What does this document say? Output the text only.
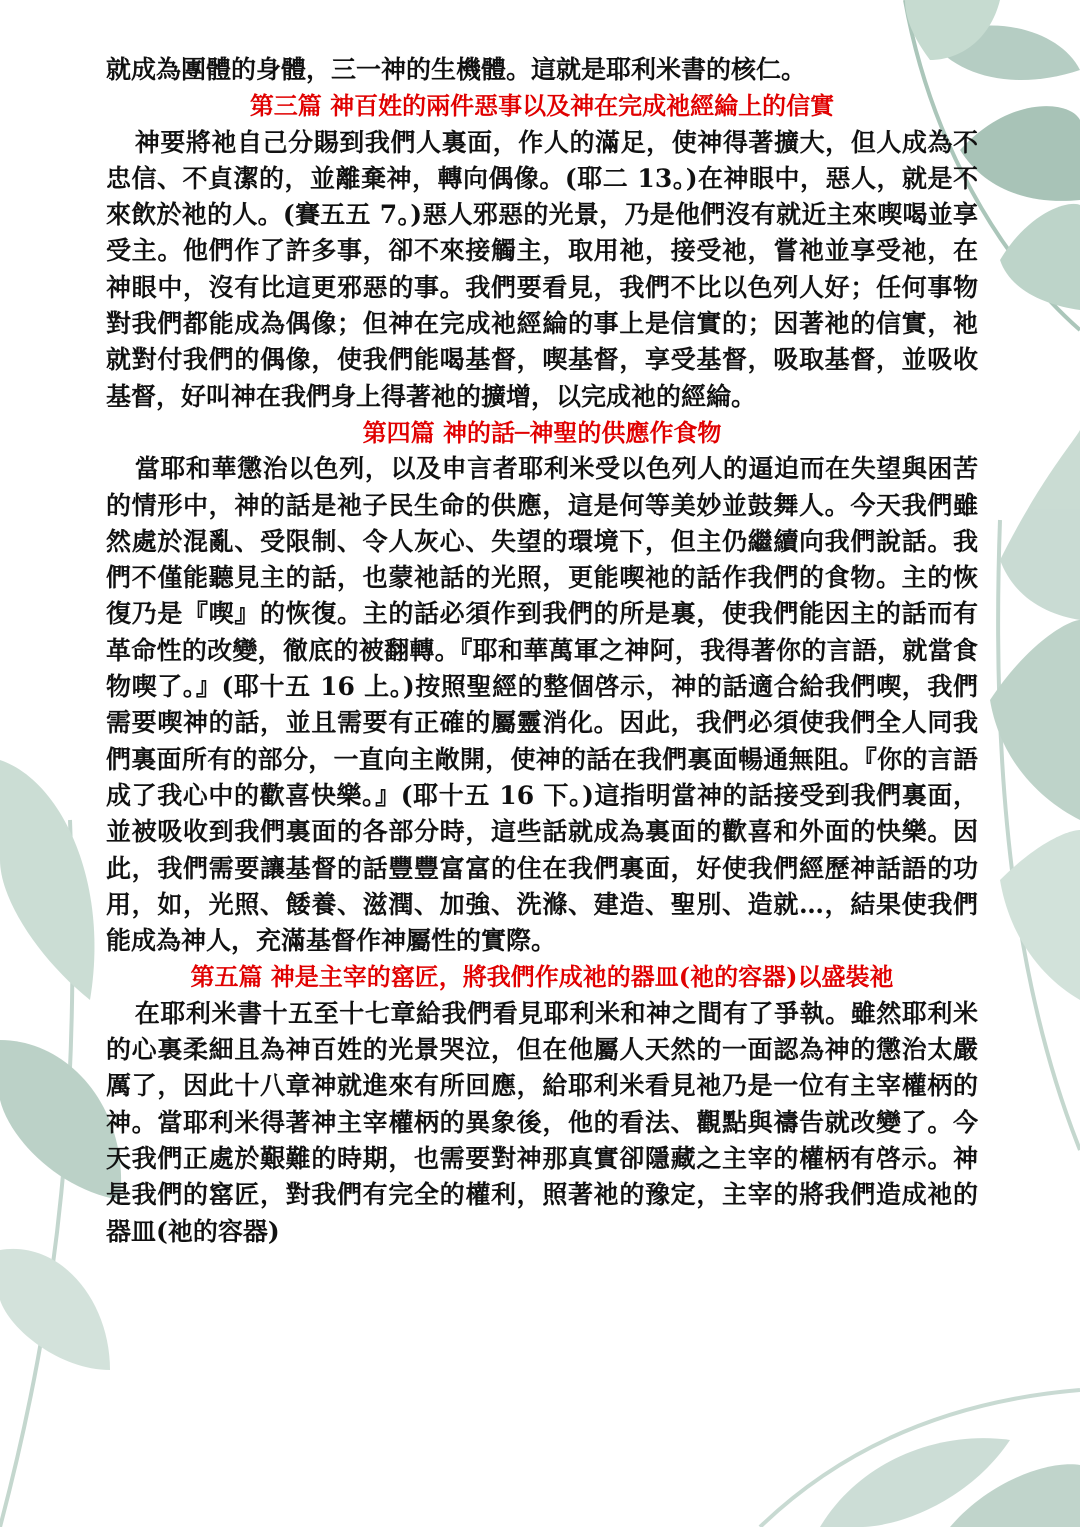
就成為團體的身體，三一神的生機體。這就是耶利米書的核仁。

第三篇 神百姓的兩件惡事以及神在完成祂經綸上的信實

神要將祂自己分賜到我們人裏面，作人的滿足，使神得著擴大，但人成為不忠信、不貞潔的，並離棄神，轉向偶像。(耶二 13。)在神眼中，惡人，就是不來飲於祂的人。(賽五五 7。)惡人邪惡的光景，乃是他們沒有就近主來喫喝並享受主。他們作了許多事，卻不來接觸主，取用祂，接受祂，嘗祂並享受祂，在神眼中，沒有比這更邪惡的事。我們要看見，我們不比以色列人好；任何事物對我們都能成為偶像；但神在完成祂經綸的事上是信實的；因著祂的信實，祂就對付我們的偶像，使我們能喝基督，喫基督，享受基督，吸取基督，並吸收基督，好叫神在我們身上得著祂的擴增，以完成祂的經綸。

第四篇 神的話─神聖的供應作食物

當耶和華懲治以色列，以及申言者耶利米受以色列人的逼迫而在失望與困苦的情形中，神的話是祂子民生命的供應，這是何等美妙並鼓舞人。今天我們雖然處於混亂、受限制、令人灰心、失望的環境下，但主仍繼續向我們說話。我們不僅能聽見主的話，也蒙祂話的光照，更能喫祂的話作我們的食物。主的恢復乃是『喫』的恢復。主的話必須作到我們的所是裏，使我們能因主的話而有革命性的改變，徹底的被翻轉。『耶和華萬軍之神阿，我得著你的言語，就當食物喫了。』(耶十五 16 上。)按照聖經的整個啓示，神的話適合給我們喫，我們需要喫神的話，並且需要有正確的屬靈消化。因此，我們必須使我們全人同我們裏面所有的部分，一直向主敞開，使神的話在我們裏面暢通無阻。『你的言語成了我心中的歡喜快樂。』(耶十五 16 下。)這指明當神的話接受到我們裏面，並被吸收到我們裏面的各部分時，這些話就成為裏面的歡喜和外面的快樂。因此，我們需要讓基督的話豐豐富富的住在我們裏面，好使我們經歷神話語的功用，如，光照、餧養、滋潤、加強、洗滌、建造、聖別、造就…，結果使我們能成為神人，充滿基督作神屬性的實際。

第五篇 神是主宰的窰匠，將我們作成祂的器皿(祂的容器)以盛裝祂

在耶利米書十五至十七章給我們看見耶利米和神之間有了爭執。雖然耶利米的心裏柔細且為神百姓的光景哭泣，但在他屬人天然的一面認為神的懲治太嚴厲了，因此十八章神就進來有所回應，給耶利米看見祂乃是一位有主宰權柄的神。當耶利米得著神主宰權柄的異象後，他的看法、觀點與禱告就改變了。今天我們正處於艱難的時期，也需要對神那真實卻隱藏之主宰的權柄有啓示。神是我們的窰匠，對我們有完全的權利，照著祂的豫定，主宰的將我們造成祂的器皿(祂的容器)
